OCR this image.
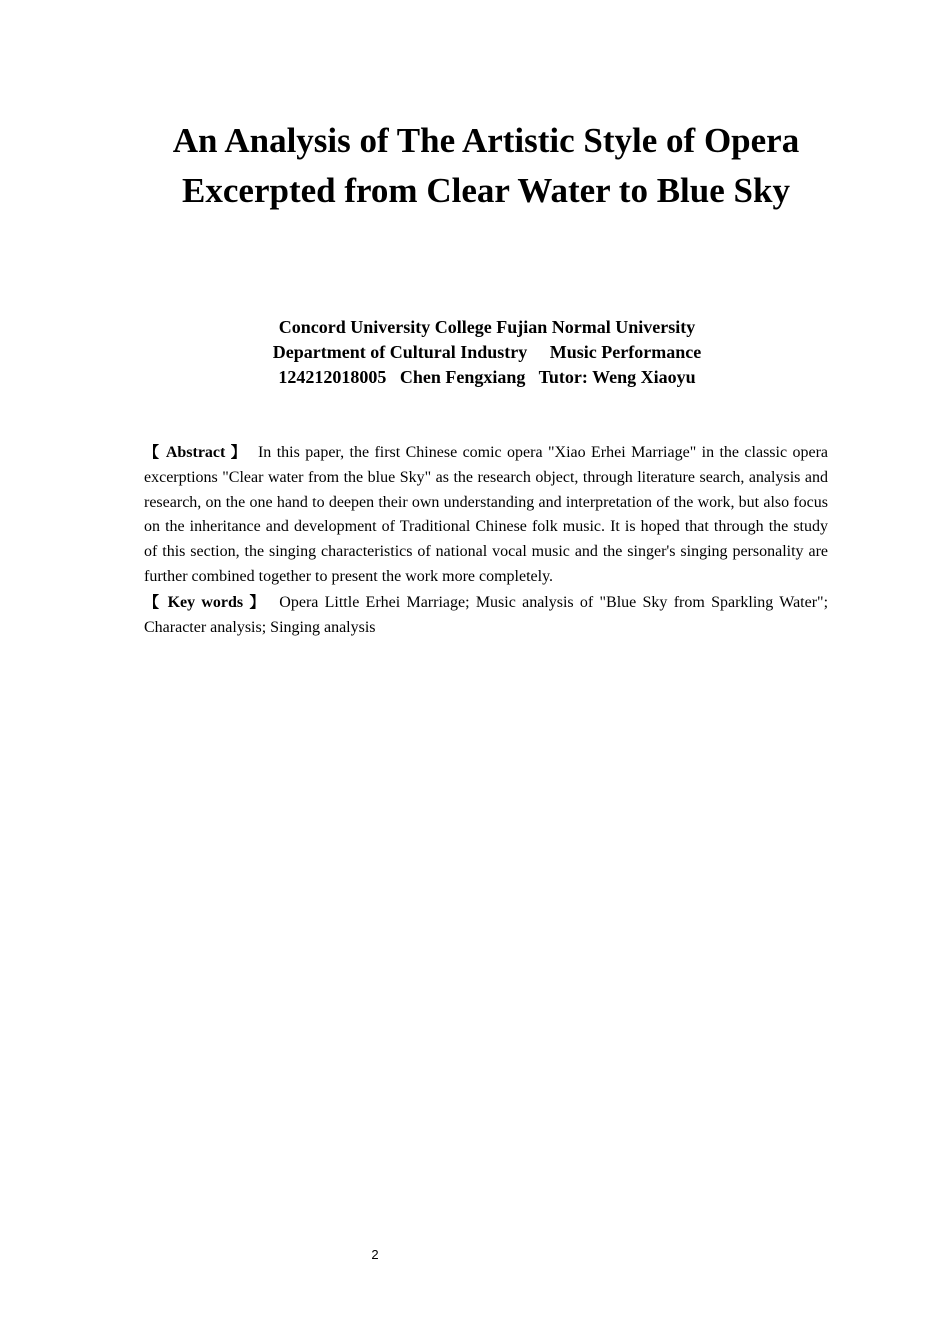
An Analysis of The Artistic Style of Opera
Excerpted from Clear Water to Blue Sky
Concord University College Fujian Normal University
Department of Cultural Industry     Music Performance
124212018005   Chen Fengxiang   Tutor: Weng Xiaoyu

【 Abstract 】 In this paper, the first Chinese comic opera "Xiao Erhei Marriage" in the classic opera excerptions "Clear water from the blue Sky" as the research object, through literature search, analysis and research, on the one hand to deepen their own understanding and interpretation of the work, but also focus on the inheritance and development of Traditional Chinese folk music. It is hoped that through the study of this section, the singing characteristics of national vocal music and the singer's singing personality are further combined together to present the work more completely.

【 Key words 】 Opera Little Erhei Marriage; Music analysis of "Blue Sky from Sparkling Water"; Character analysis; Singing analysis

2
